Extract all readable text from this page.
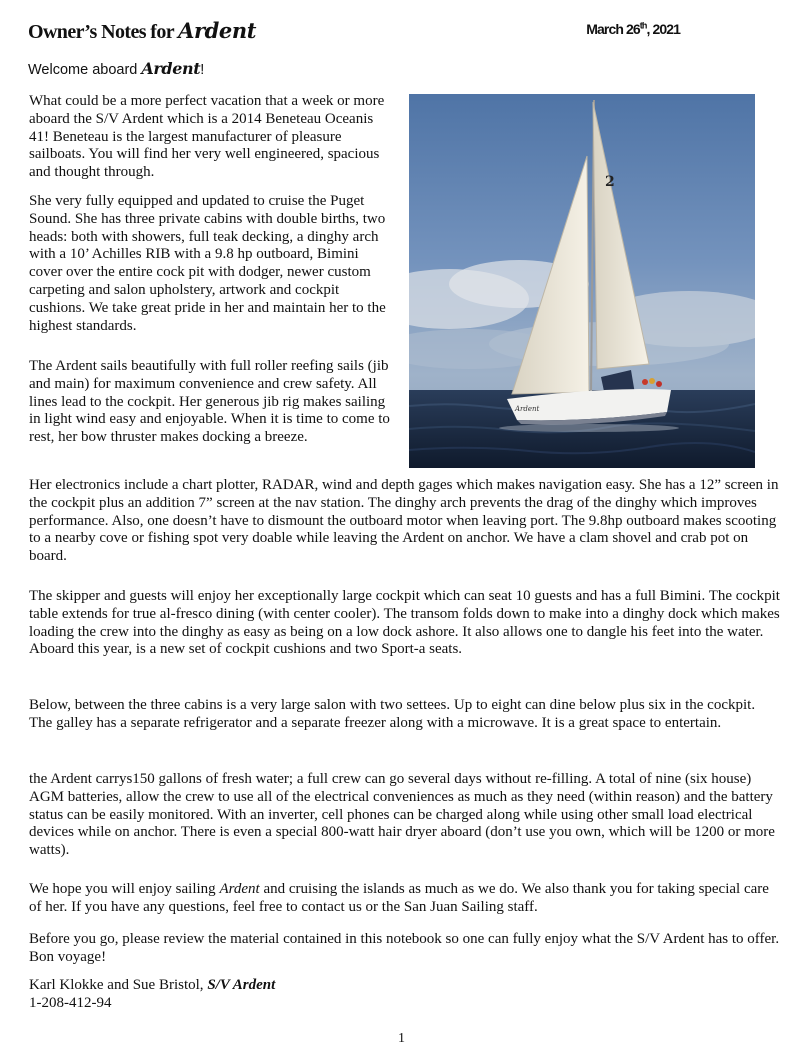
Owner’s Notes for Ardent	March 26th, 2021
Welcome aboard Ardent!
2
Ardent

What could be a more perfect vacation that a week or more aboard the S/V Ardent which is a 2014 Beneteau Oceanis 41! Beneteau is the largest manufacturer of pleasure sailboats. You will find her very well engineered, spacious and thought through.

She very fully equipped and updated to cruise the Puget Sound. She has three private cabins with double births, two heads: both with showers, full teak decking, a dinghy arch with a 10’ Achilles RIB with a 9.8 hp outboard, Bimini cover over the entire cock pit with dodger, newer custom carpeting and salon upholstery, artwork and cockpit cushions. We take great pride in her and maintain her to the highest standards.

The Ardent sails beautifully with full roller reefing sails (jib and main) for maximum convenience and crew safety. All lines lead to the cockpit. Her generous jib rig makes sailing in light wind easy and enjoyable. When it is time to come to rest, her bow thruster makes docking a breeze.

Her electronics include a chart plotter, RADAR, wind and depth gages which makes navigation easy. She has a 12” screen in the cockpit plus an addition 7” screen at the nav station. The dinghy arch prevents the drag of the dinghy which improves performance. Also, one doesn’t have to dismount the outboard motor when leaving port. The 9.8hp outboard makes scooting to a nearby cove or fishing spot very doable while leaving the Ardent on anchor. We have a clam shovel and crab pot on board.

The skipper and guests will enjoy her exceptionally large cockpit which can seat 10 guests and has a full Bimini. The cockpit table extends for true al-fresco dining (with center cooler). The transom folds down to make into a dinghy dock which makes loading the crew into the dinghy as easy as being on a low dock ashore. It also allows one to dangle his feet into the water. Aboard this year, is a new set of cockpit cushions and two Sport-a seats.

Below, between the three cabins is a very large salon with two settees. Up to eight can dine below plus six in the cockpit. The galley has a separate refrigerator and a separate freezer along with a microwave. It is a great space to entertain.

the Ardent carrys150 gallons of fresh water; a full crew can go several days without re-filling. A total of nine (six house) AGM batteries, allow the crew to use all of the electrical conveniences as much as they need (within reason) and the battery status can be easily monitored. With an inverter, cell phones can be charged along while using other small load electrical devices while on anchor. There is even a special 800-watt hair dryer aboard (don’t use you own, which will be 1200 or more watts).

We hope you will enjoy sailing Ardent and cruising the islands as much as we do. We also thank you for taking special care of her. If you have any questions, feel free to contact us or the San Juan Sailing staff.

Before you go, please review the material contained in this notebook so one can fully enjoy what the S/V Ardent has to offer. Bon voyage!

Karl Klokke and Sue Bristol, S/V Ardent
1-208-412-94
1
